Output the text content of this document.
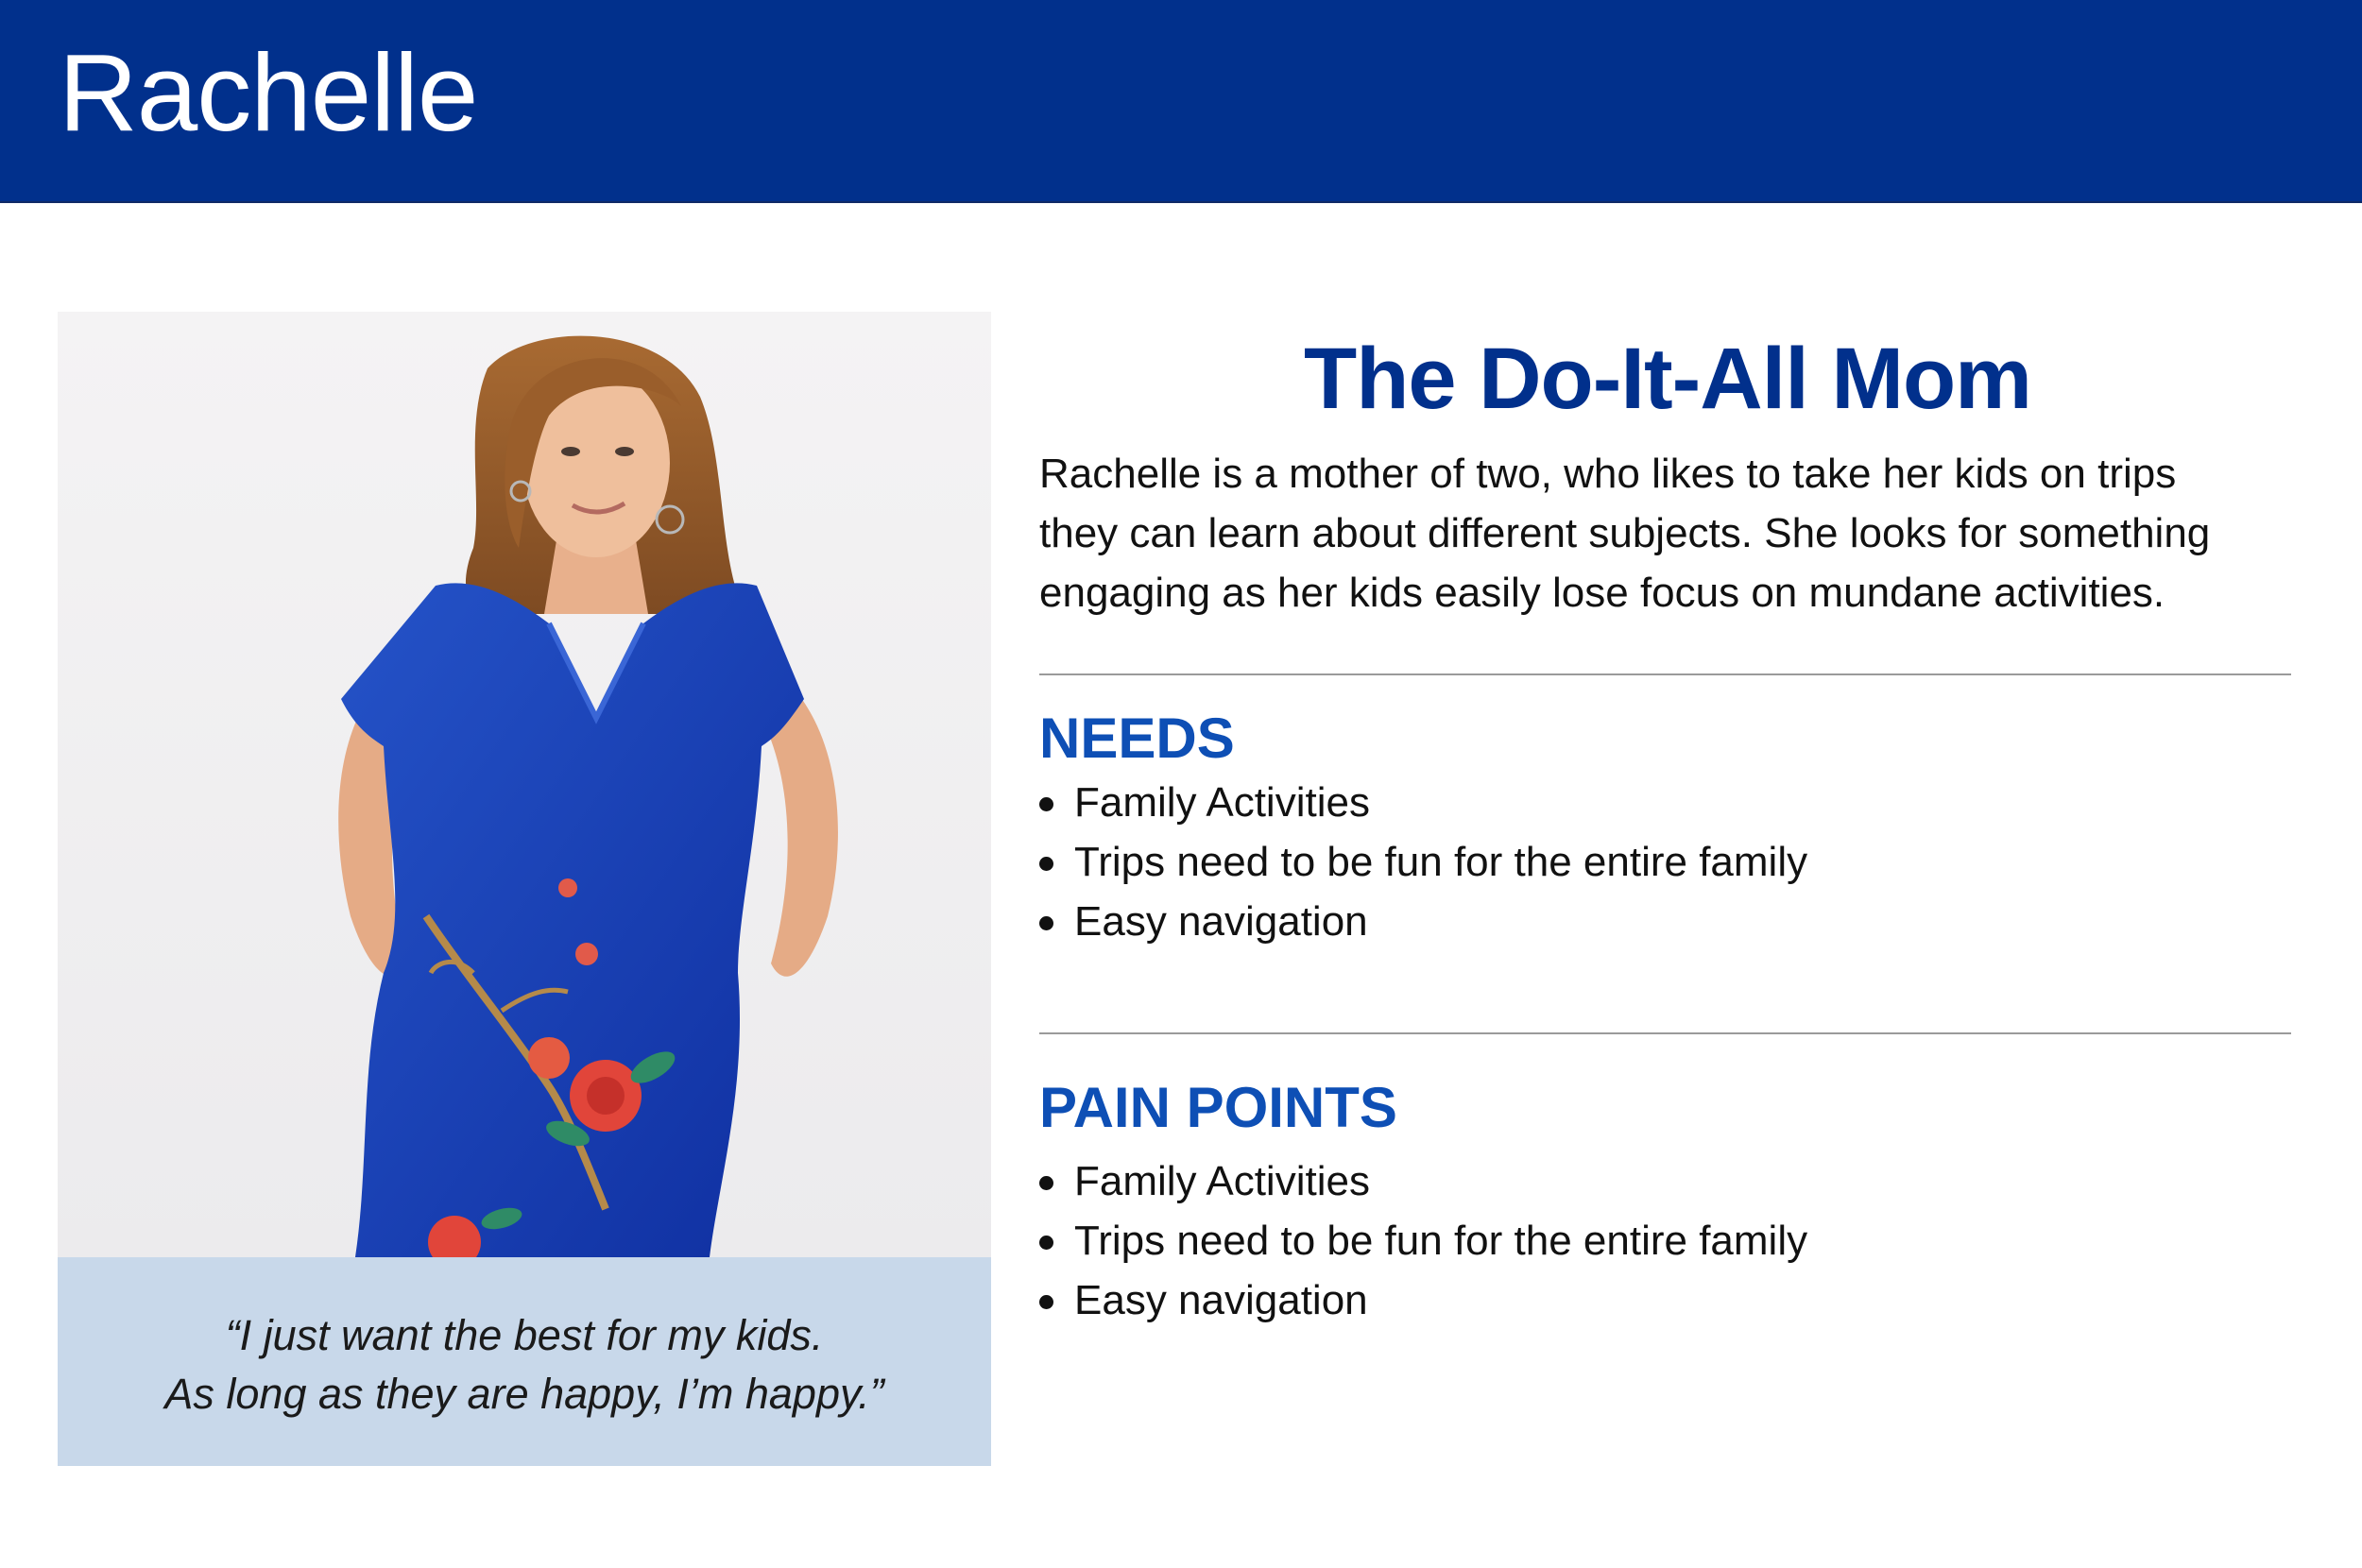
Rachelle
“I just want the best for my kids.
As long as they are happy, I’m happy.”
The Do-It-All Mom
Rachelle is a mother of two, who likes to take her kids on trips
they can learn about different subjects. She looks for something
engaging as her kids easily lose focus on mundane activities.
NEEDS
Family Activities
Trips need to be fun for the entire family
Easy navigation
PAIN POINTS
Family Activities
Trips need to be fun for the entire family
Easy navigation
